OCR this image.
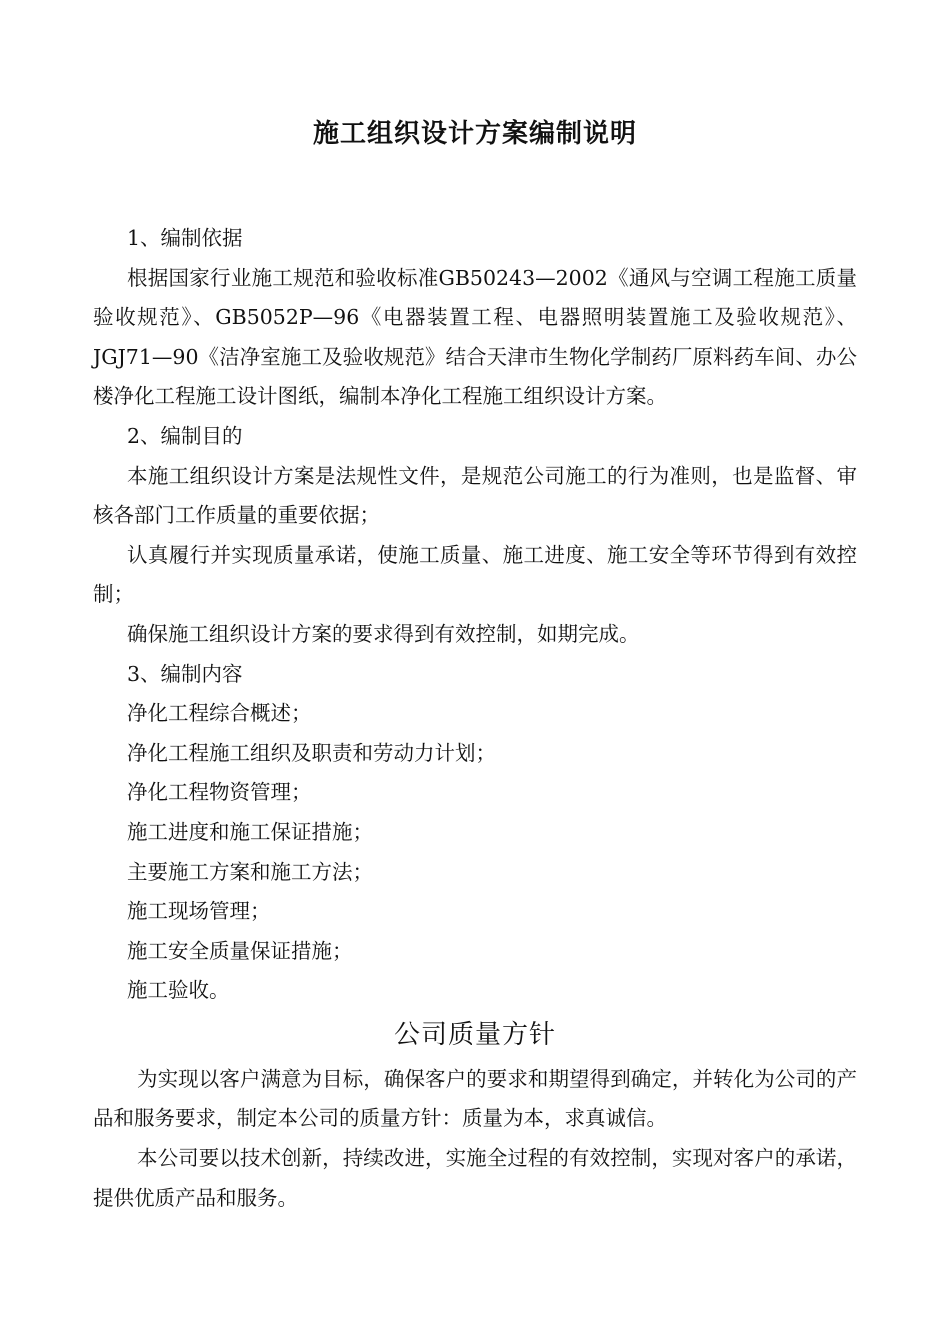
施工组织设计方案编制说明

1、编制依据

根据国家行业施工规范和验收标准GB50243—2002《通风与空调工程施工质量验收规范》、GB5052P—96《电器装置工程、电器照明装置施工及验收规范》、JGJ71—90《洁净室施工及验收规范》结合天津市生物化学制药厂原料药车间、办公楼净化工程施工设计图纸，编制本净化工程施工组织设计方案。

2、编制目的

本施工组织设计方案是法规性文件，是规范公司施工的行为准则，也是监督、审核各部门工作质量的重要依据；

认真履行并实现质量承诺，使施工质量、施工进度、施工安全等环节得到有效控制；

确保施工组织设计方案的要求得到有效控制，如期完成。

3、编制内容

净化工程综合概述；

净化工程施工组织及职责和劳动力计划；

净化工程物资管理；

施工进度和施工保证措施；

主要施工方案和施工方法；

施工现场管理；

施工安全质量保证措施；

施工验收。

公司质量方针

为实现以客户满意为目标，确保客户的要求和期望得到确定，并转化为公司的产品和服务要求，制定本公司的质量方针：质量为本，求真诚信。

本公司要以技术创新，持续改进，实施全过程的有效控制，实现对客户的承诺，提供优质产品和服务。
